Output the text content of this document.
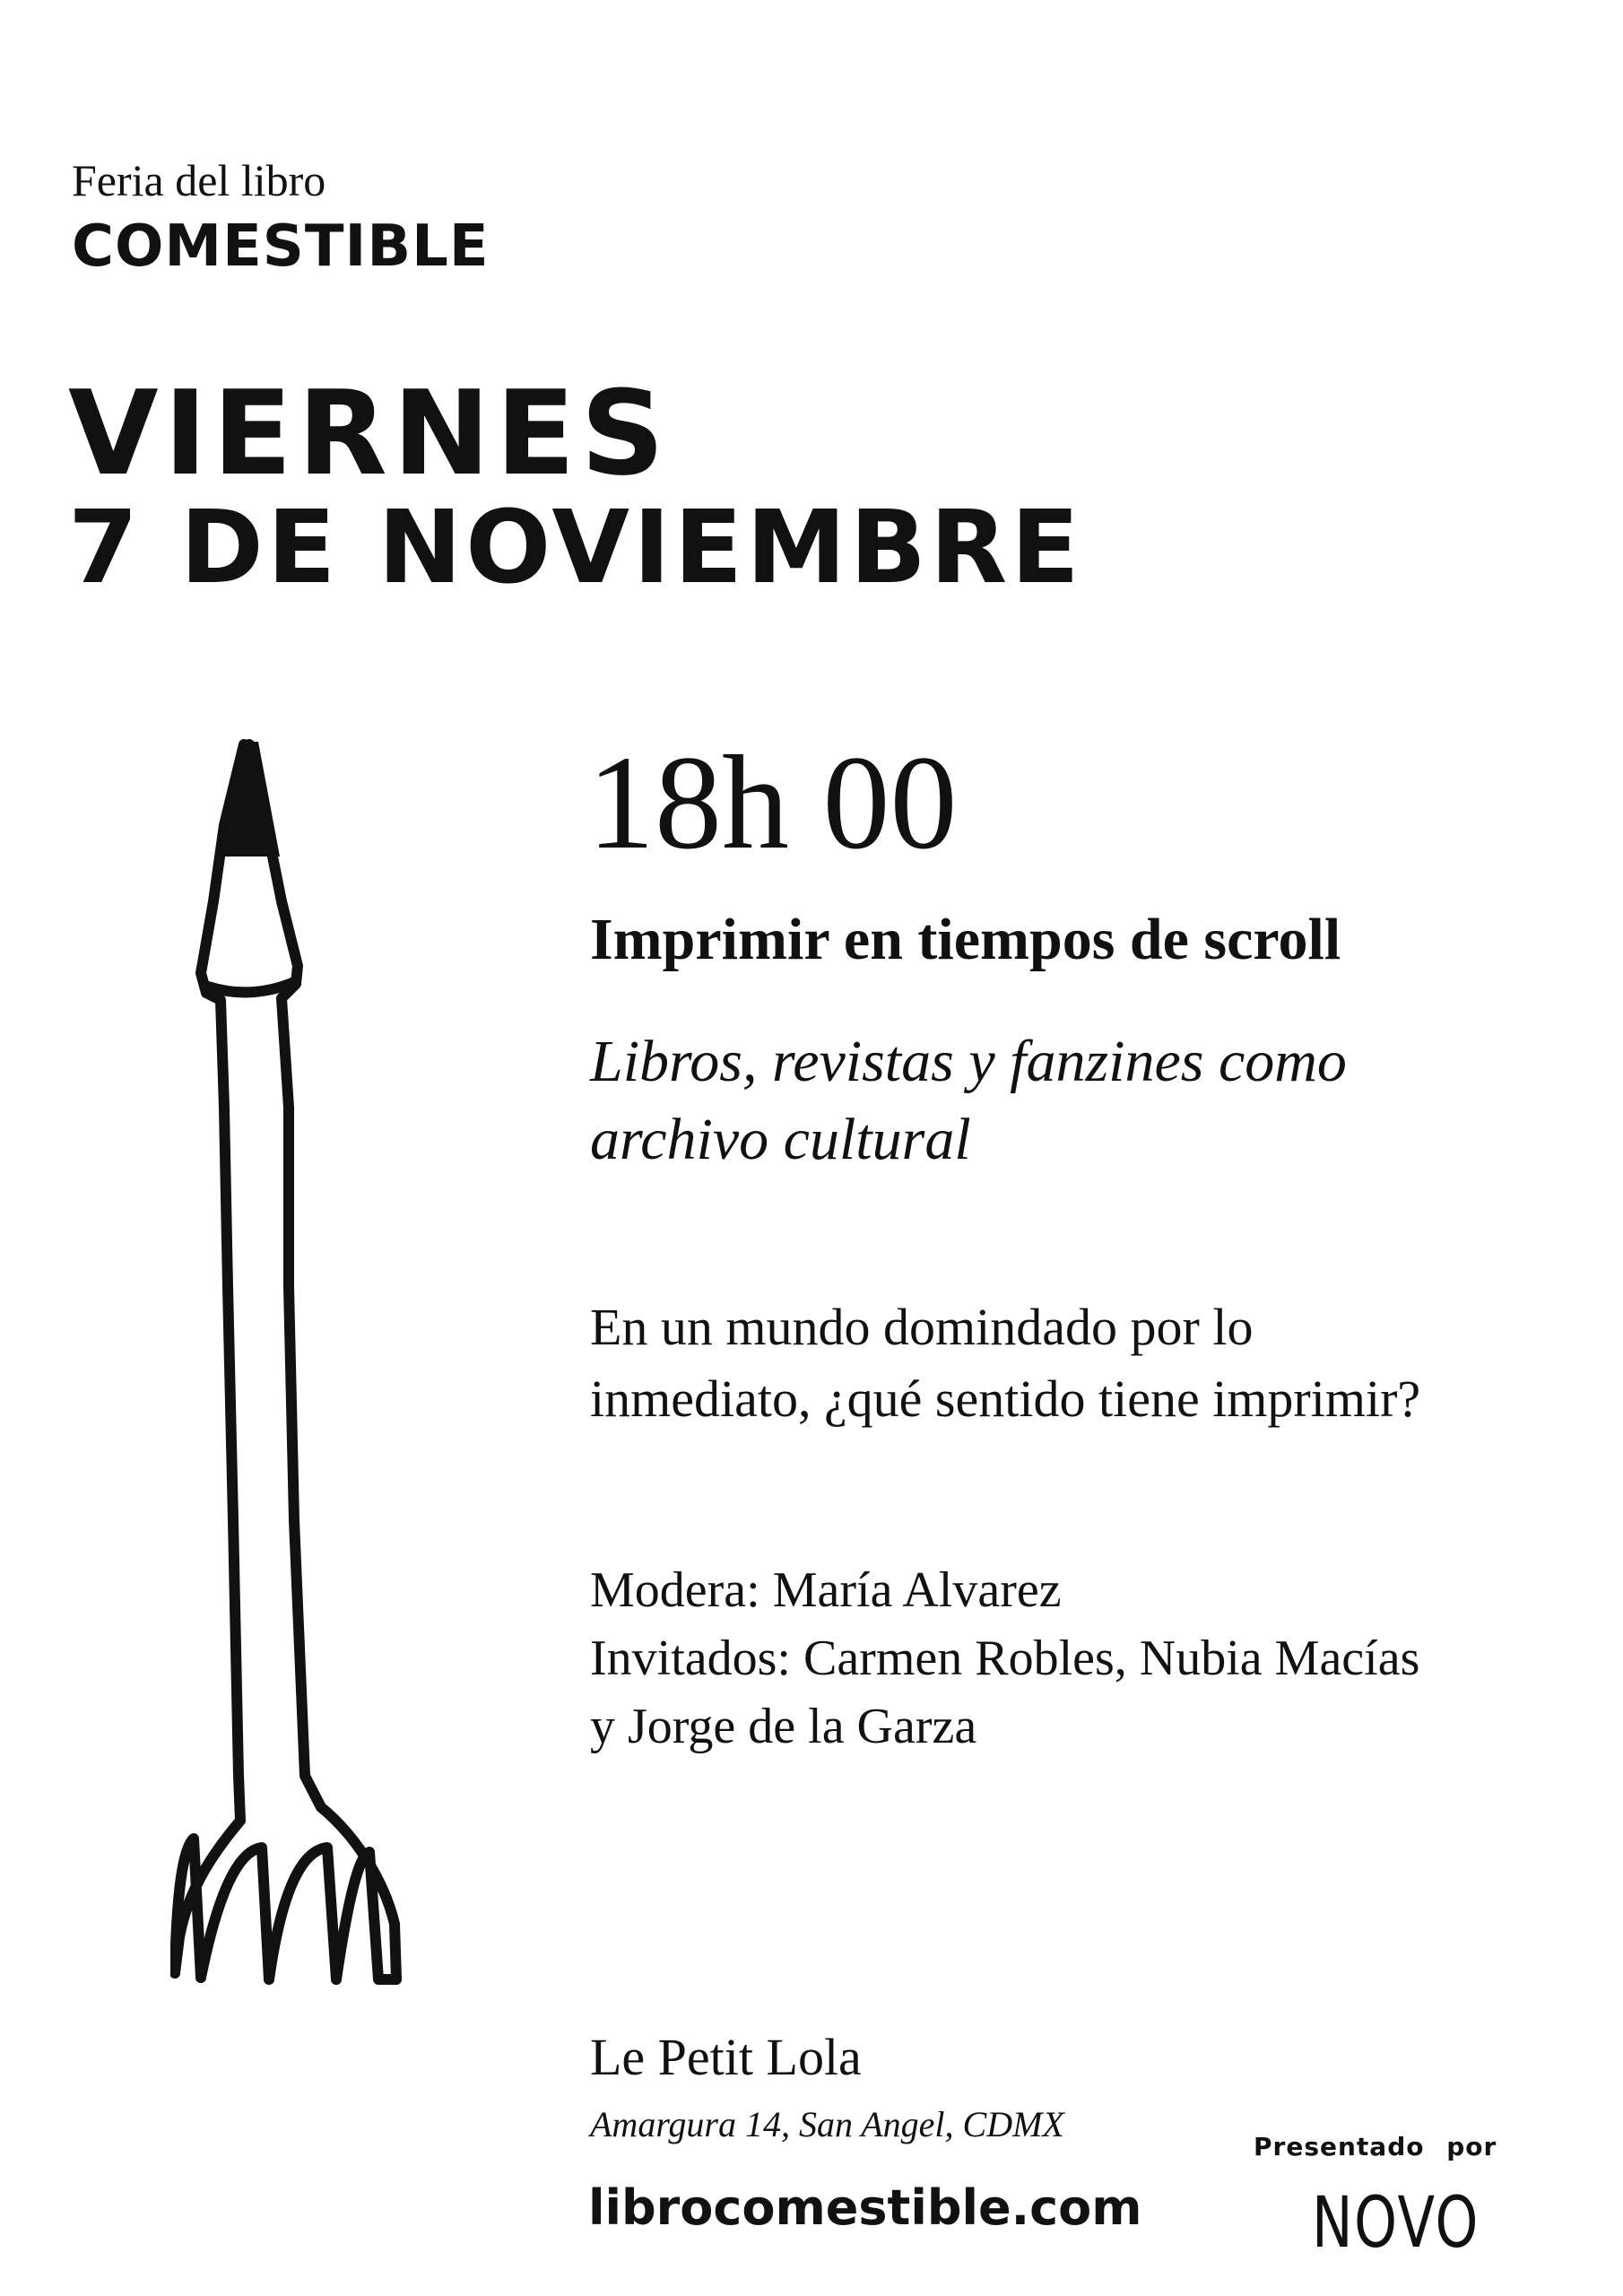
Feria del libro
COMESTIBLE
VIERNES
7 DE NOVIEMBRE
18h 00
Imprimir en tiempos de scroll
Libros, revistas y fanzines como
archivo cultural
En un mundo domindado por lo
inmediato, ¿qué sentido tiene imprimir?
Modera: María Alvarez
Invitados: Carmen Robles, Nubia Macías
y Jorge de la Garza
Le Petit Lola
Amargura 14, San Angel, CDMX
librocomestible.com
Presentado por
NOVO
